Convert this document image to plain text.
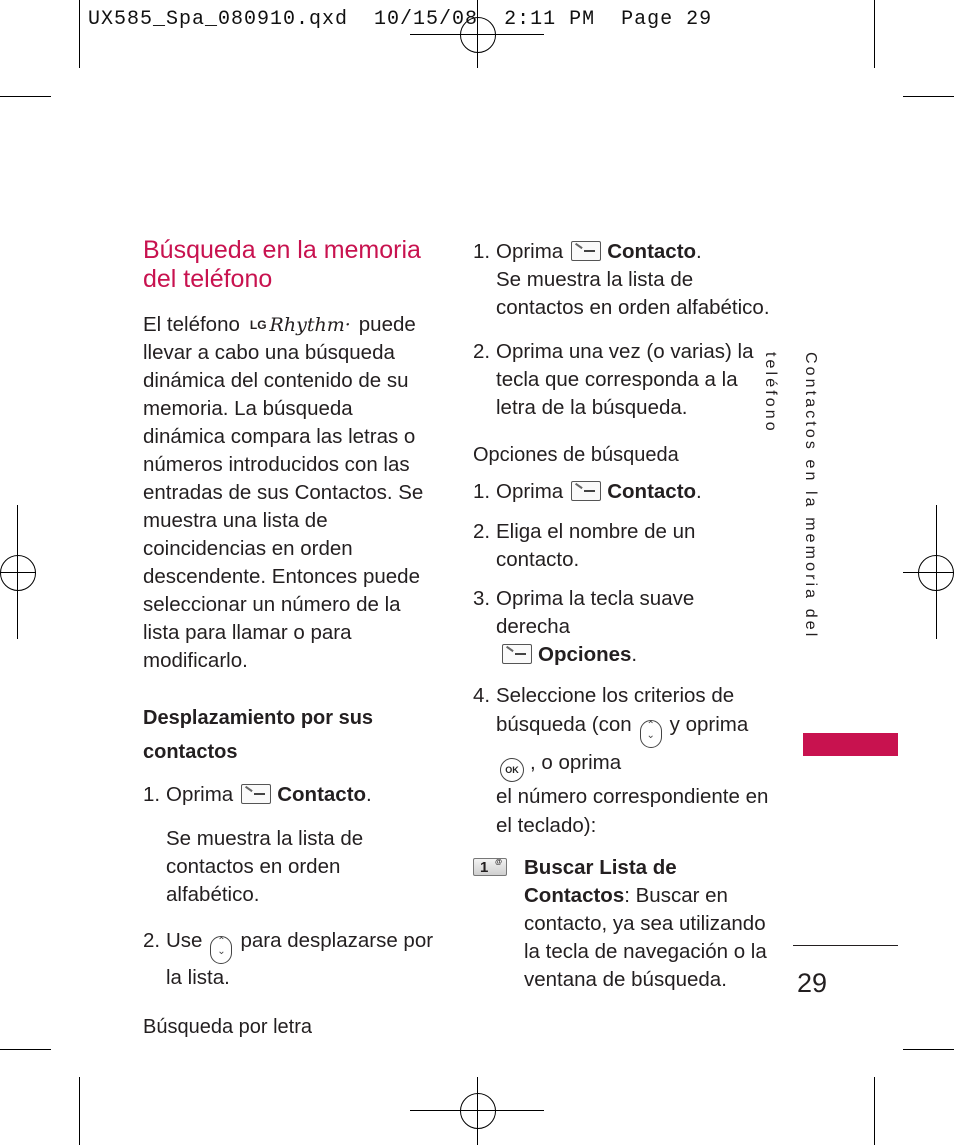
UX585_Spa_080910.qxd  10/15/08  2:11 PM  Page 29
Búsqueda en la memoria del teléfono

El teléfono LG Rhythm· puede llevar a cabo una búsqueda dinámica del contenido de su memoria. La búsqueda dinámica compara las letras o números introducidos con las entradas de sus Contactos. Se muestra una lista de coincidencias en orden descendente. Entonces puede seleccionar un número de la lista para llamar o para modificarlo.

Desplazamiento por sus contactos

1. Oprima Contacto.

Se muestra la lista de contactos en orden alfabético.

2. Use ⌃
⌄ para desplazarse por la lista.

Búsqueda por letra

1. Oprima Contacto.

Se muestra la lista de contactos en orden alfabético.

2. Oprima una vez (o varias) la tecla que corresponda a la letra de la búsqueda.

Opciones de búsqueda

1. Oprima Contacto.

2. Eliga el nombre de un contacto.

3. Oprima la tecla suave derecha
Opciones.

4. Seleccione los criterios de búsqueda (con ⌃
⌄ y oprima
OK , o oprima
el número correspondiente en el teclado):

1 @ Buscar Lista de Contactos: Buscar en contacto, ya sea utilizando la tecla de navegación o la ventana de búsqueda.
Contactos en la memoria del teléfono
29
